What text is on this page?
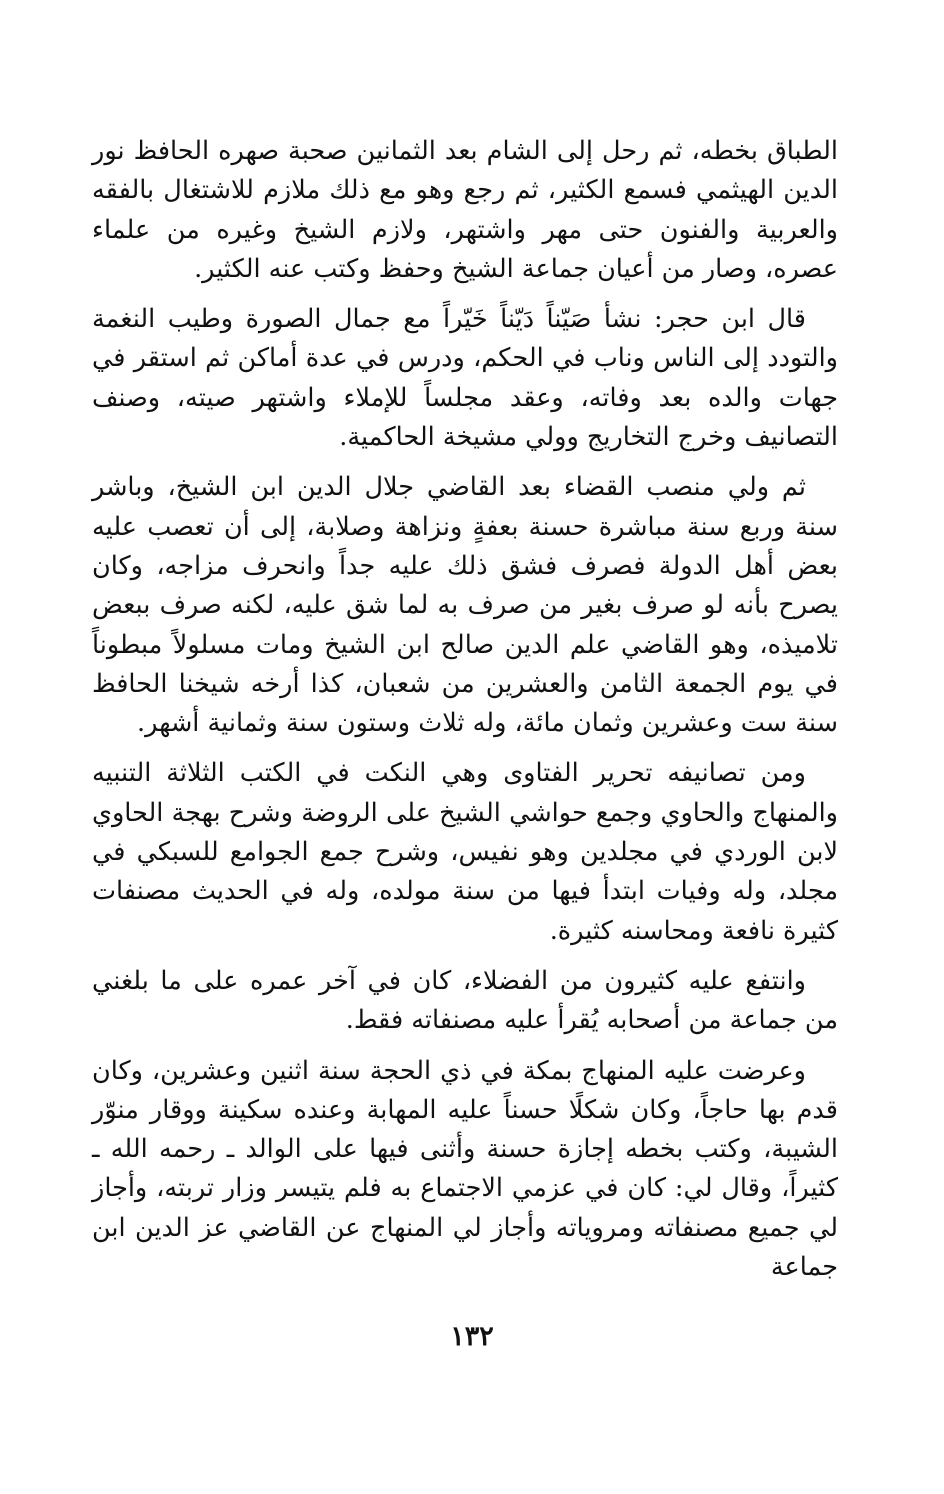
الطباق بخطه، ثم رحل إلى الشام بعد الثمانين صحبة صهره الحافظ نور الدين الهيثمي فسمع الكثير، ثم رجع وهو مع ذلك ملازم للاشتغال بالفقه والعربية والفنون حتى مهر واشتهر، ولازم الشيخ وغيره من علماء عصره، وصار من أعيان جماعة الشيخ وحفظ وكتب عنه الكثير.

قال ابن حجر: نشأ صَيّناً دَيّناً خَيّراً مع جمال الصورة وطيب النغمة والتودد إلى الناس وناب في الحكم، ودرس في عدة أماكن ثم استقر في جهات والده بعد وفاته، وعقد مجلساً للإملاء واشتهر صيته، وصنف التصانيف وخرج التخاريج وولي مشيخة الحاكمية.

ثم ولي منصب القضاء بعد القاضي جلال الدين ابن الشيخ، وباشر سنة وربع سنة مباشرة حسنة بعفةٍ ونزاهة وصلابة، إلى أن تعصب عليه بعض أهل الدولة فصرف فشق ذلك عليه جداً وانحرف مزاجه، وكان يصرح بأنه لو صرف بغير من صرف به لما شق عليه، لكنه صرف ببعض تلاميذه، وهو القاضي علم الدين صالح ابن الشيخ ومات مسلولاً مبطوناً في يوم الجمعة الثامن والعشرين من شعبان، كذا أرخه شيخنا الحافظ سنة ست وعشرين وثمان مائة، وله ثلاث وستون سنة وثمانية أشهر.

ومن تصانيفه تحرير الفتاوى وهي النكت في الكتب الثلاثة التنبيه والمنهاج والحاوي وجمع حواشي الشيخ على الروضة وشرح بهجة الحاوي لابن الوردي في مجلدين وهو نفيس، وشرح جمع الجوامع للسبكي في مجلد، وله وفيات ابتدأ فيها من سنة مولده، وله في الحديث مصنفات كثيرة نافعة ومحاسنه كثيرة.

وانتفع عليه كثيرون من الفضلاء، كان في آخر عمره على ما بلغني من جماعة من أصحابه يُقرأ عليه مصنفاته فقط.

وعرضت عليه المنهاج بمكة في ذي الحجة سنة اثنين وعشرين، وكان قدم بها حاجاً، وكان شكلًا حسناً عليه المهابة وعنده سكينة ووقار منوّر الشيبة، وكتب بخطه إجازة حسنة وأثنى فيها على الوالد ـ رحمه الله ـ كثيراً، وقال لي: كان في عزمي الاجتماع به فلم يتيسر وزار تربته، وأجاز لي جميع مصنفاته ومروياته وأجاز لي المنهاج عن القاضي عز الدين ابن جماعة

١٣٢
